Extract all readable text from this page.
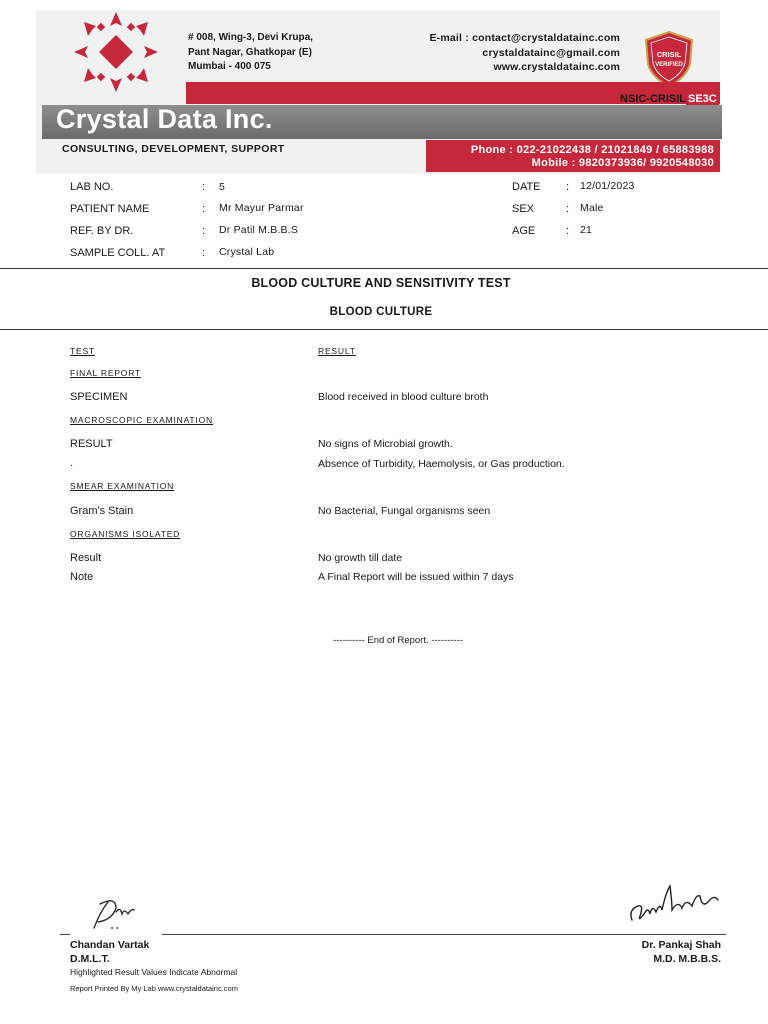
# 008, Wing-3, Devi Krupa,
Pant Nagar, Ghatkopar (E)
Mumbai - 400 075
E-mail : contact@crystaldatainc.com
crystaldatainc@gmail.com
www.crystaldatainc.com
CRISIL
VERIFIED
NSIC-CRISIL SE3C
Crystal Data Inc.
CONSULTING, DEVELOPMENT, SUPPORT	Phone : 022-21022438 / 21021849 / 65883988
Mobile : 9820373936/ 9920548030
LAB NO.	: 5
PATIENT NAME	: Mr Mayur Parmar
REF. BY DR.	: Dr Patil M.B.B.S
SAMPLE COLL. AT	: Crystal Lab
DATE : 12/01/2023
SEX	: Male
AGE	: 21
BLOOD CULTURE AND SENSITIVITY TEST
BLOOD CULTURE
TEST	RESULT
FINAL REPORT
SPECIMEN	Blood received in blood culture broth
MACROSCOPIC EXAMINATION
RESULT	No signs of Microbial growth.
.	Absence of Turbidity, Haemolysis, or Gas production.
SMEAR EXAMINATION
Gram's Stain	No Bacterial, Fungal organisms seen
ORGANISMS ISOLATED
Result	No growth till date
Note	A Final Report will be issued within 7 days
---------- End of Report. ----------
Chandan Vartak
D.M.L.T.
Dr. Pankaj Shah
M.D. M.B.B.S.
Highlighted Result Values Indicate Abnormal
Report Printed By My Lab www.crystaldatainc.com
